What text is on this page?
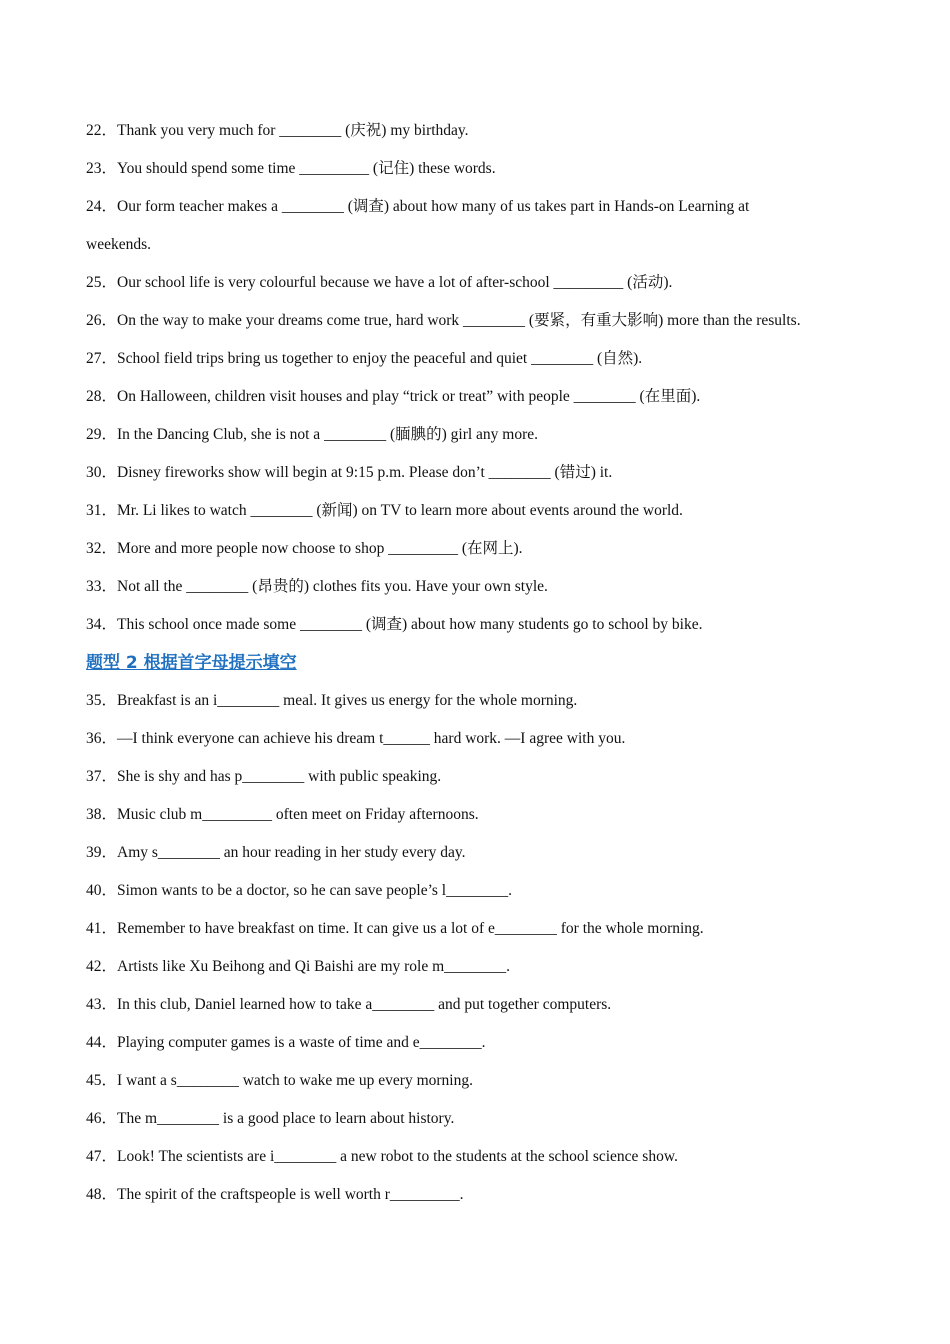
22．Thank you very much for ________ (庆祝) my birthday.
23．You should spend some time _________ (记住) these words.
24．Our form teacher makes a ________ (调查) about how many of us takes part in Hands-on Learning at
weekends.
25．Our school life is very colourful because we have a lot of after-school _________ (活动).
26．On the way to make your dreams come true, hard work ________ (要紧，有重大影响) more than the results.
27．School field trips bring us together to enjoy the peaceful and quiet ________ (自然).
28．On Halloween, children visit houses and play “trick or treat” with people ________ (在里面).
29．In the Dancing Club, she is not a ________ (腼腆的) girl any more.
30．Disney fireworks show will begin at 9:15 p.m. Please don’t ________ (错过) it.
31．Mr. Li likes to watch ________ (新闻) on TV to learn more about events around the world.
32．More and more people now choose to shop _________ (在网上).
33．Not all the ________ (昂贵的) clothes fits you. Have your own style.
34．This school once made some ________ (调查) about how many students go to school by bike.
题型 2 根据首字母提示填空
35．Breakfast is an i________ meal. It gives us energy for the whole morning.
36．—I think everyone can achieve his dream t______ hard work. —I agree with you.
37．She is shy and has p________ with public speaking.
38．Music club m_________ often meet on Friday afternoons.
39．Amy s________ an hour reading in her study every day.
40．Simon wants to be a doctor, so he can save people’s l________.
41．Remember to have breakfast on time. It can give us a lot of e________ for the whole morning.
42．Artists like Xu Beihong and Qi Baishi are my role m________.
43．In this club, Daniel learned how to take a________ and put together computers.
44．Playing computer games is a waste of time and e________.
45．I want a s________ watch to wake me up every morning.
46．The m________ is a good place to learn about history.
47．Look! The scientists are i________ a new robot to the students at the school science show.
48．The spirit of the craftspeople is well worth r_________.
